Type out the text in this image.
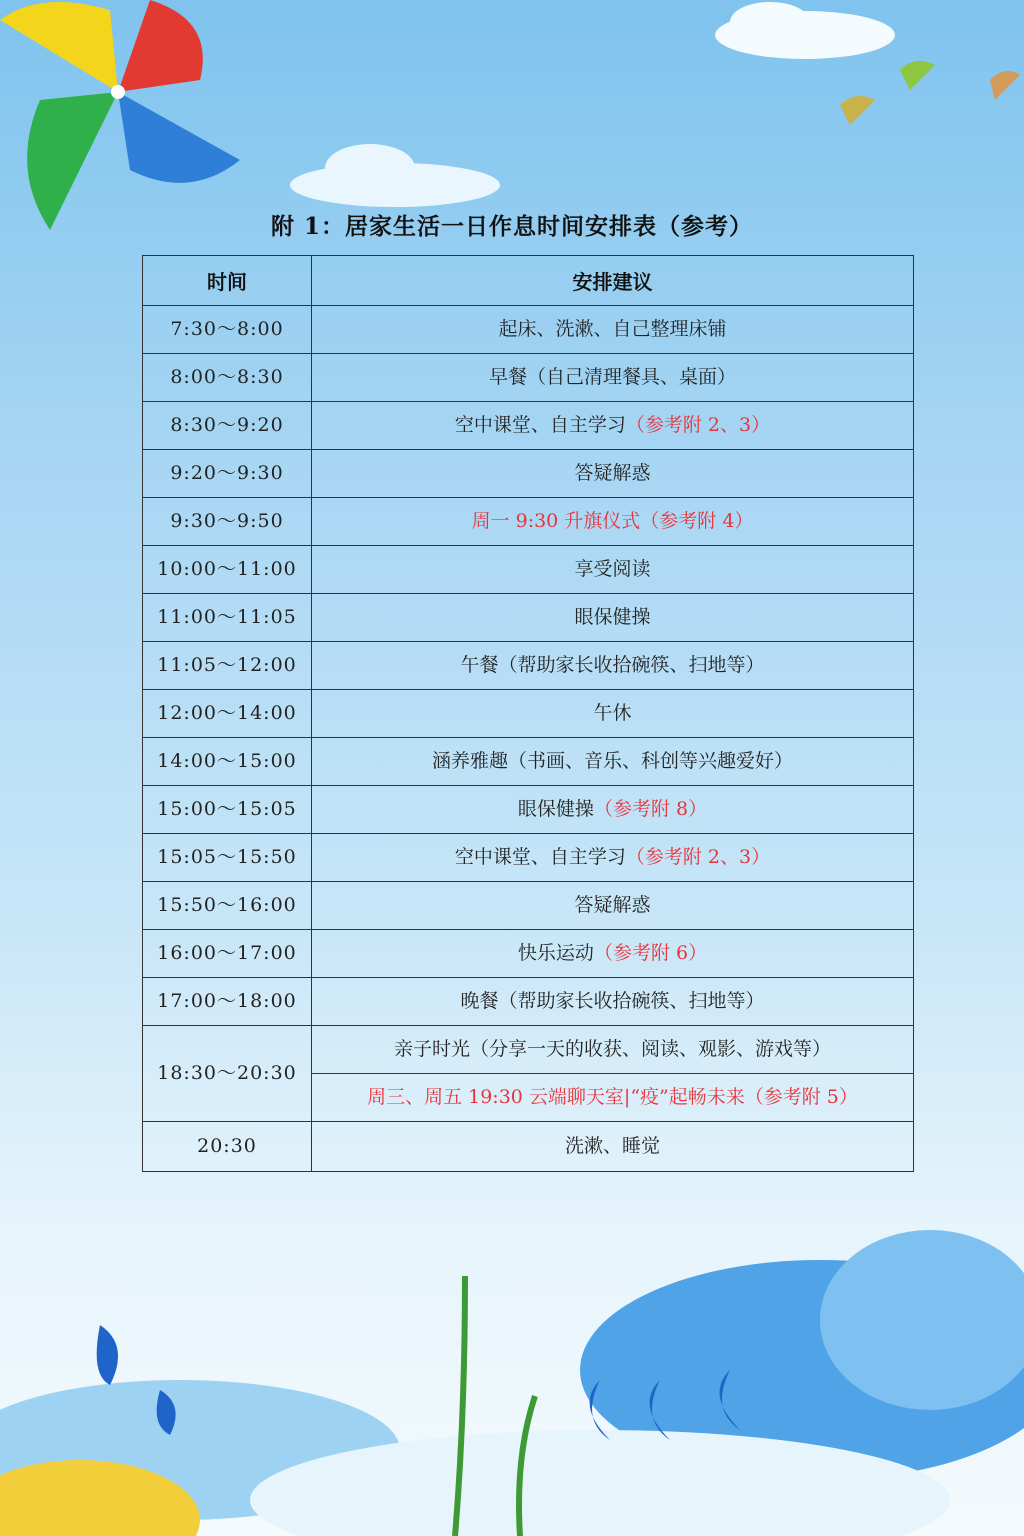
附 1：居家生活一日作息时间安排表（参考）
时间	安排建议
7:30～8:00	起床、洗漱、自己整理床铺
8:00～8:30	早餐（自己清理餐具、桌面）
8:30～9:20	空中课堂、自主学习（参考附 2、3）
9:20～9:30	答疑解惑
9:30～9:50	周一 9:30 升旗仪式（参考附 4）
10:00～11:00	享受阅读
11:00～11:05	眼保健操
11:05～12:00	午餐（帮助家长收拾碗筷、扫地等）
12:00～14:00	午休
14:00～15:00	涵养雅趣（书画、音乐、科创等兴趣爱好）
15:00～15:05	眼保健操（参考附 8）
15:05～15:50	空中课堂、自主学习（参考附 2、3）
15:50～16:00	答疑解惑
16:00～17:00	快乐运动（参考附 6）
17:00～18:00	晚餐（帮助家长收拾碗筷、扫地等）
18:30～20:30	亲子时光（分享一天的收获、阅读、观影、游戏等）
	周三、周五 19:30 云端聊天室|“疫”起畅未来（参考附 5）
20:30	洗漱、睡觉
